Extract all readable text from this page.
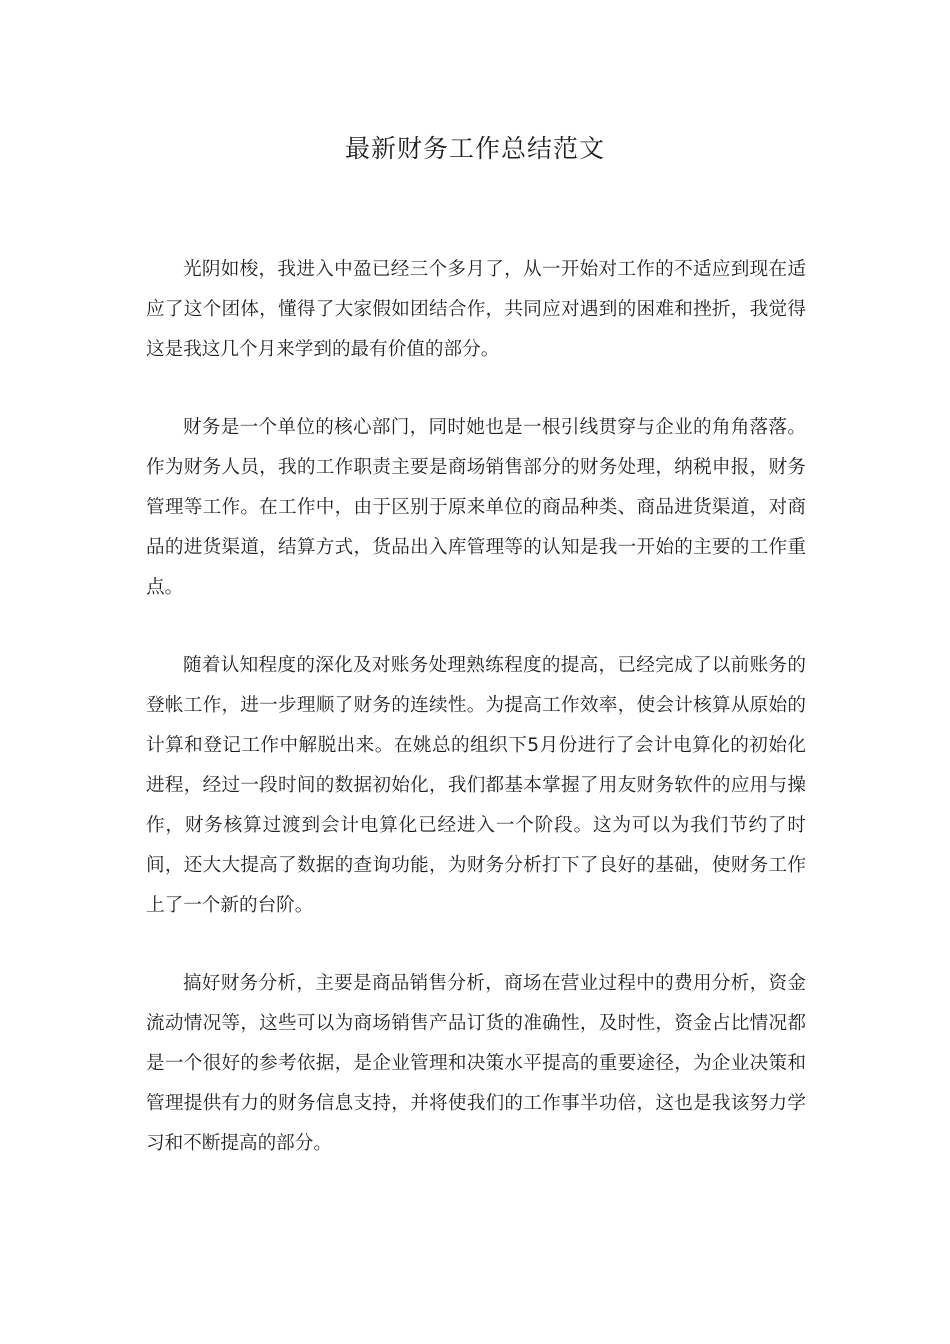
最新财务工作总结范文

光阴如梭，我进入中盈已经三个多月了，从一开始对工作的不适应到现在适应了这个团体，懂得了大家假如团结合作，共同应对遇到的困难和挫折，我觉得这是我这几个月来学到的最有价值的部分。

财务是一个单位的核心部门，同时她也是一根引线贯穿与企业的角角落落。作为财务人员，我的工作职责主要是商场销售部分的财务处理，纳税申报，财务管理等工作。在工作中，由于区别于原来单位的商品种类、商品进货渠道，对商品的进货渠道，结算方式，货品出入库管理等的认知是我一开始的主要的工作重点。

随着认知程度的深化及对账务处理熟练程度的提高，已经完成了以前账务的登帐工作，进一步理顺了财务的连续性。为提高工作效率，使会计核算从原始的计算和登记工作中解脱出来。在姚总的组织下5月份进行了会计电算化的初始化进程，经过一段时间的数据初始化，我们都基本掌握了用友财务软件的应用与操作，财务核算过渡到会计电算化已经进入一个阶段。这为可以为我们节约了时间，还大大提高了数据的查询功能，为财务分析打下了良好的基础，使财务工作上了一个新的台阶。

搞好财务分析，主要是商品销售分析，商场在营业过程中的费用分析，资金流动情况等，这些可以为商场销售产品订货的准确性，及时性，资金占比情况都是一个很好的参考依据，是企业管理和决策水平提高的重要途径，为企业决策和管理提供有力的财务信息支持，并将使我们的工作事半功倍，这也是我该努力学习和不断提高的部分。
